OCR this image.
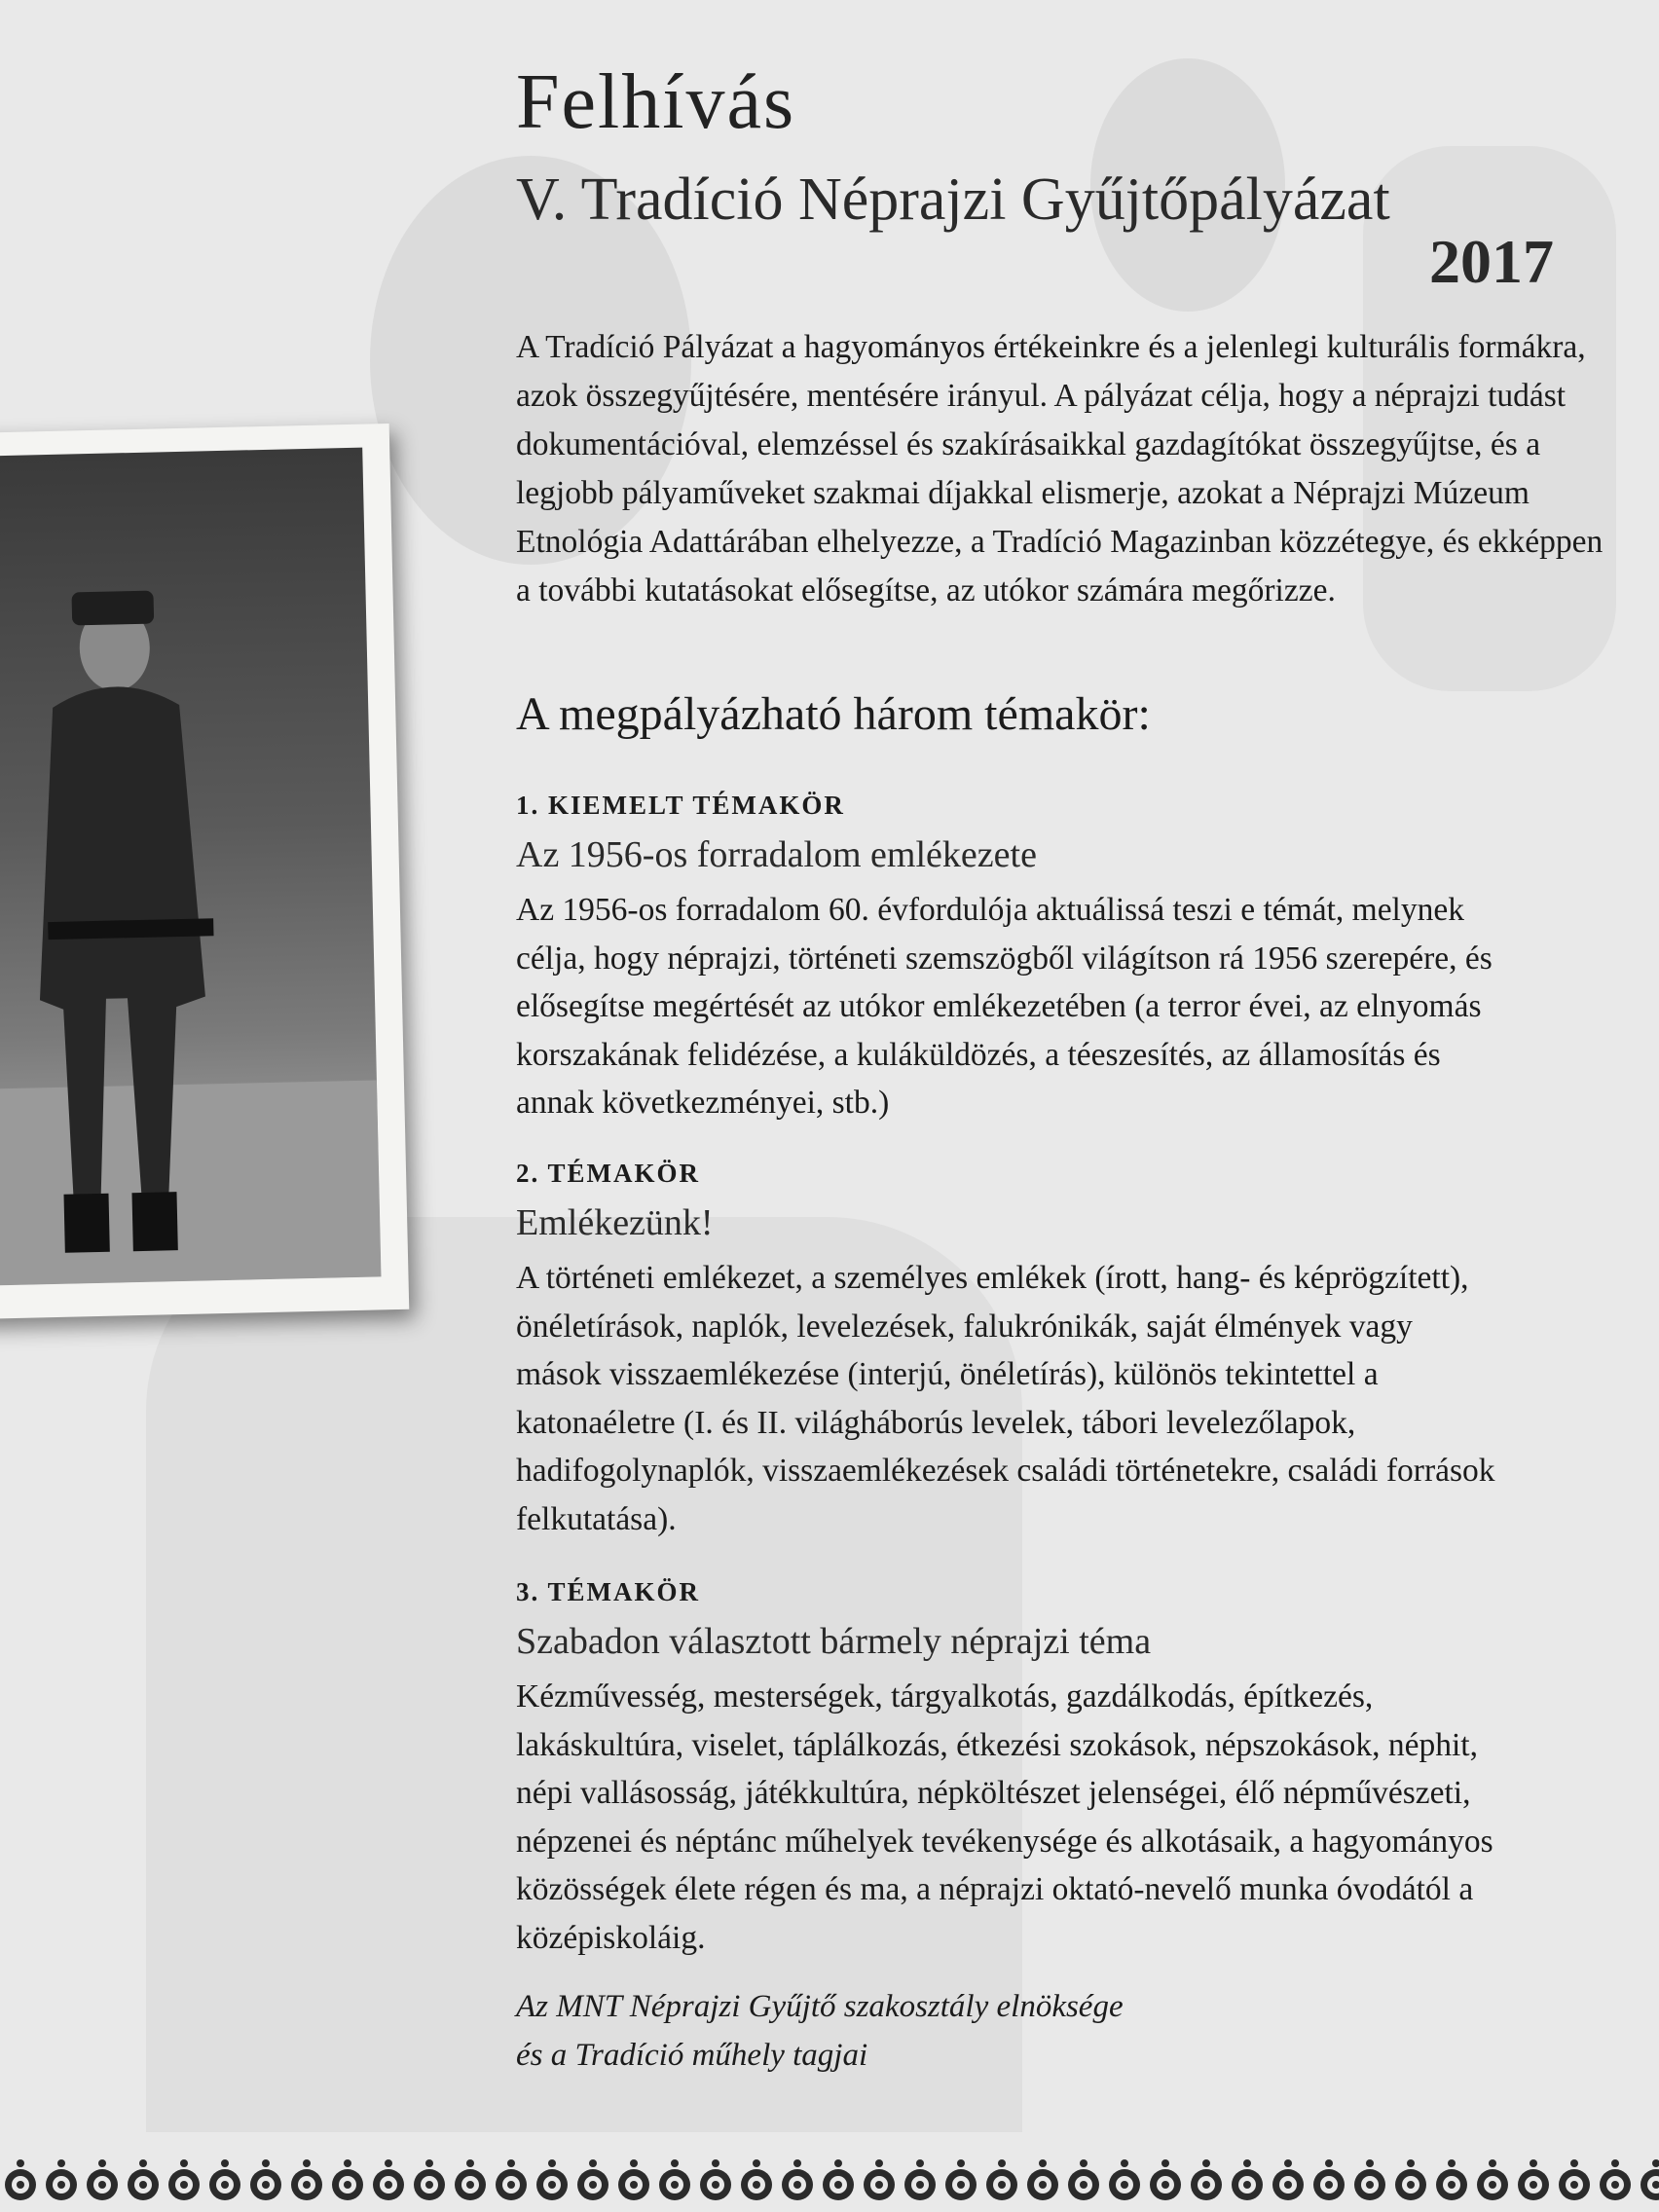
Felhívás
V. Tradíció Néprajzi Gyűjtőpályázat
2017

A Tradíció Pályázat a hagyományos értékeinkre és a jelenlegi kulturális formákra, azok összegyűjtésére, mentésére irányul. A pályázat célja, hogy a néprajzi tudást dokumentációval, elemzéssel és szakírásaikkal gazdagítókat összegyűjtse, és a legjobb pályaműveket szakmai díjakkal elismerje, azokat a Néprajzi Múzeum Etnológia Adattárában elhelyezze, a Tradíció Magazinban közzétegye, és ekképpen a további kutatásokat elősegítse, az utókor számára megőrizze.

A megpályázható három témakör:
1. KIEMELT TÉMAKÖR
Az 1956-os forradalom emlékezete

Az 1956-os forradalom 60. évfordulója aktuálissá teszi e témát, melynek célja, hogy néprajzi, történeti szemszögből világítson rá 1956 szerepére, és elősegítse megértését az utókor emlékezetében (a terror évei, az elnyomás korszakának felidézése, a kuláküldözés, a téeszesítés, az államosítás és annak következményei, stb.)

2. TÉMAKÖR
Emlékezünk!

A történeti emlékezet, a személyes emlékek (írott, hang- és képrögzített), önéletírások, naplók, levelezések, falukrónikák, saját élmények vagy mások visszaemlékezése (interjú, önéletírás), különös tekintettel a katonaéletre (I. és II. világháborús levelek, tábori levelezőlapok, hadifogolynaplók, visszaemlékezések családi történetekre, családi források felkutatása).

3. TÉMAKÖR
Szabadon választott bármely néprajzi téma

Kézművesség, mesterségek, tárgyalkotás, gazdálkodás, építkezés, lakáskultúra, viselet, táplálkozás, étkezési szokások, népszokások, néphit, népi vallásosság, játékkultúra, népköltészet jelenségei, élő népművészeti, népzenei és néptánc műhelyek tevékenysége és alkotásaik, a hagyományos közösségek élete régen és ma, a néprajzi oktató-nevelő munka óvodától a középiskoláig.

Az MNT Néprajzi Gyűjtő szakosztály elnöksége
és a Tradíció műhely tagjai
